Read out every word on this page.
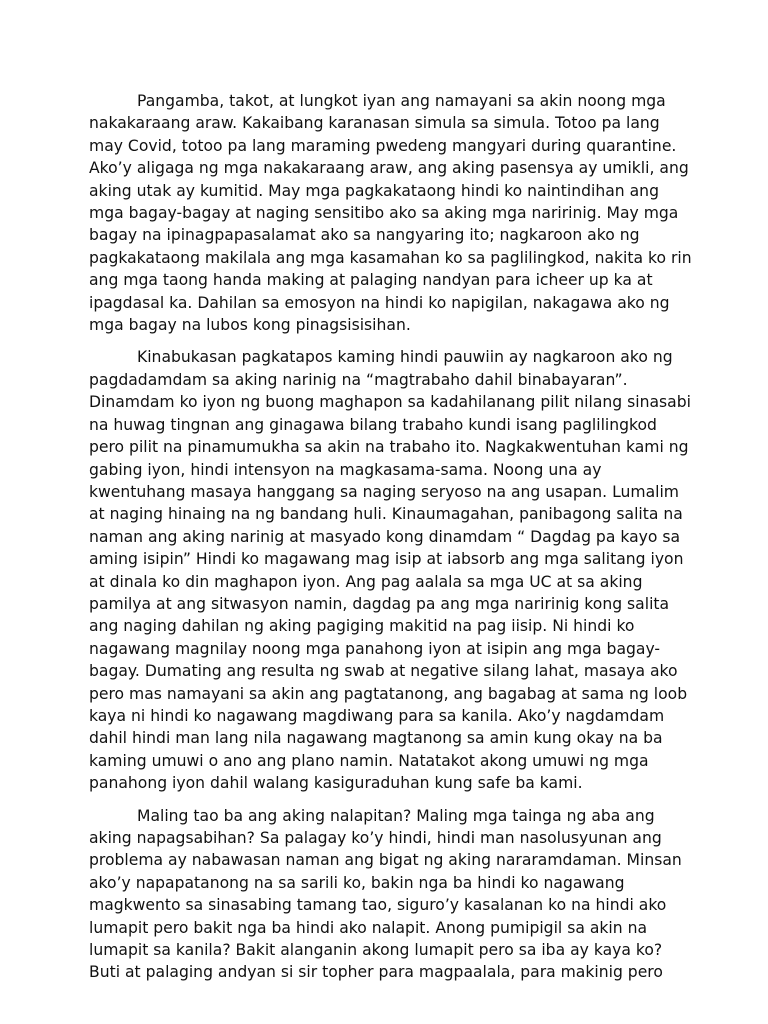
Pangamba, takot, at lungkot iyan ang namayani sa akin noong mga
nakakaraang araw. Kakaibang karanasan simula sa simula. Totoo pa lang
may Covid, totoo pa lang maraming pwedeng mangyari during quarantine.
Ako’y aligaga ng mga nakakaraang araw, ang aking pasensya ay umikli, ang
aking utak ay kumitid. May mga pagkakataong hindi ko naintindihan ang
mga bagay-bagay at naging sensitibo ako sa aking mga naririnig. May mga
bagay na ipinagpapasalamat ako sa nangyaring ito; nagkaroon ako ng
pagkakataong makilala ang mga kasamahan ko sa paglilingkod, nakita ko rin
ang mga taong handa making at palaging nandyan para icheer up ka at
ipagdasal ka. Dahilan sa emosyon na hindi ko napigilan, nakagawa ako ng
mga bagay na lubos kong pinagsisisihan.

Kinabukasan pagkatapos kaming hindi pauwiin ay nagkaroon ako ng
pagdadamdam sa aking narinig na “magtrabaho dahil binabayaran”.
Dinamdam ko iyon ng buong maghapon sa kadahilanang pilit nilang sinasabi
na huwag tingnan ang ginagawa bilang trabaho kundi isang paglilingkod
pero pilit na pinamumukha sa akin na trabaho ito. Nagkakwentuhan kami ng
gabing iyon, hindi intensyon na magkasama-sama. Noong una ay
kwentuhang masaya hanggang sa naging seryoso na ang usapan. Lumalim
at naging hinaing na ng bandang huli. Kinaumagahan, panibagong salita na
naman ang aking narinig at masyado kong dinamdam “ Dagdag pa kayo sa
aming isipin” Hindi ko magawang mag isip at iabsorb ang mga salitang iyon
at dinala ko din maghapon iyon. Ang pag aalala sa mga UC at sa aking
pamilya at ang sitwasyon namin, dagdag pa ang mga naririnig kong salita
ang naging dahilan ng aking pagiging makitid na pag iisip. Ni hindi ko
nagawang magnilay noong mga panahong iyon at isipin ang mga bagay-
bagay. Dumating ang resulta ng swab at negative silang lahat, masaya ako
pero mas namayani sa akin ang pagtatanong, ang bagabag at sama ng loob
kaya ni hindi ko nagawang magdiwang para sa kanila. Ako’y nagdamdam
dahil hindi man lang nila nagawang magtanong sa amin kung okay na ba
kaming umuwi o ano ang plano namin. Natatakot akong umuwi ng mga
panahong iyon dahil walang kasiguraduhan kung safe ba kami.

Maling tao ba ang aking nalapitan? Maling mga tainga ng aba ang
aking napagsabihan? Sa palagay ko’y hindi, hindi man nasolusyunan ang
problema ay nabawasan naman ang bigat ng aking nararamdaman. Minsan
ako’y napapatanong na sa sarili ko, bakin nga ba hindi ko nagawang
magkwento sa sinasabing tamang tao, siguro’y kasalanan ko na hindi ako
lumapit pero bakit nga ba hindi ako nalapit. Anong pumipigil sa akin na
lumapit sa kanila? Bakit alanganin akong lumapit pero sa iba ay kaya ko?
Buti at palaging andyan si sir topher para magpaalala, para makinig pero
